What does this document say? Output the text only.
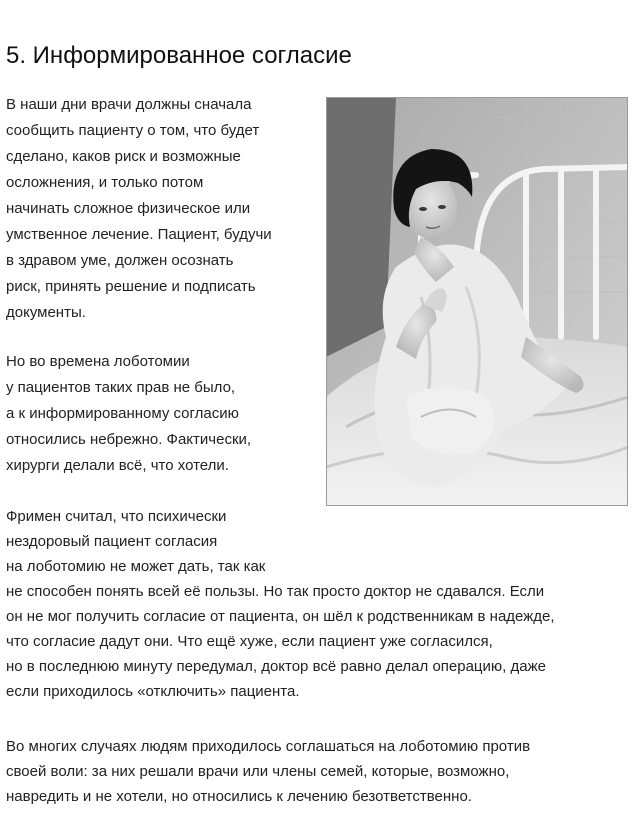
5. Информированное согласие
В наши дни врачи должны сначала
сообщить пациенту о том, что будет
сделано, каков риск и возможные
осложнения, и только потом
начинать сложное физическое или
умственное лечение. Пациент, будучи
в здравом уме, должен осознать
риск, принять решение и подписать
документы.
Но во времена лоботомии
у пациентов таких прав не было,
а к информированному согласию
относились небрежно. Фактически,
хирурги делали всё, что хотели.
Фримен считал, что психически
нездоровый пациент согласия
на лоботомию не может дать, так как
не способен понять всей её пользы. Но так просто доктор не сдавался. Если
он не мог получить согласие от пациента, он шёл к родственникам в надежде,
что согласие дадут они. Что ещё хуже, если пациент уже согласился,
но в последнюю минуту передумал, доктор всё равно делал операцию, даже
если приходилось «отключить» пациента.
Во многих случаях людям приходилось соглашаться на лоботомию против
своей воли: за них решали врачи или члены семей, которые, возможно,
навредить и не хотели, но относились к лечению безответственно.
